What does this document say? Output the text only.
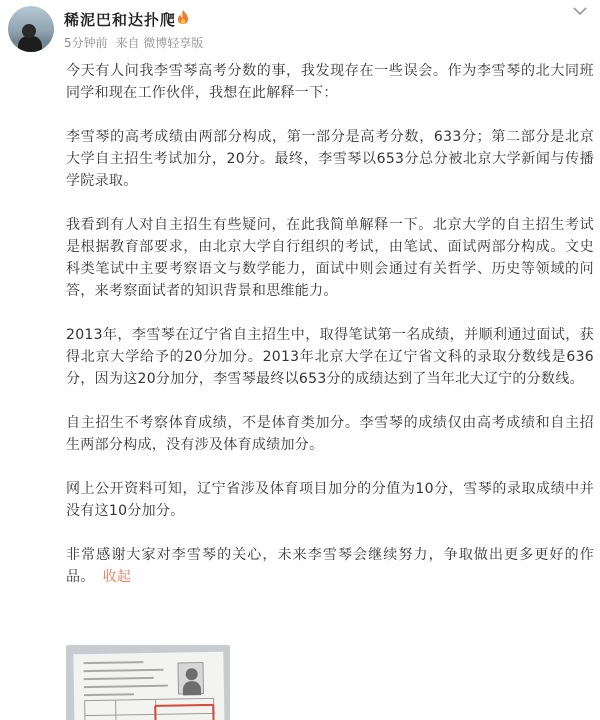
稀泥巴和达扑爬
5分钟前 来自 微博轻享版

今天有人问我李雪琴高考分数的事，我发现存在一些误会。作为李雪琴的北大同班同学和现在工作伙伴，我想在此解释一下：

李雪琴的高考成绩由两部分构成，第一部分是高考分数，633分；第二部分是北京大学自主招生考试加分，20分。最终，李雪琴以653分总分被北京大学新闻与传播学院录取。

我看到有人对自主招生有些疑问，在此我简单解释一下。北京大学的自主招生考试是根据教育部要求，由北京大学自行组织的考试，由笔试、面试两部分构成。文史科类笔试中主要考察语文与数学能力，面试中则会通过有关哲学、历史等领域的问答，来考察面试者的知识背景和思维能力。

2013年，李雪琴在辽宁省自主招生中，取得笔试第一名成绩，并顺利通过面试，获得北京大学给予的20分加分。2013年北京大学在辽宁省文科的录取分数线是636分，因为这20分加分，李雪琴最终以653分的成绩达到了当年北大辽宁的分数线。

自主招生不考察体育成绩，不是体育类加分。李雪琴的成绩仅由高考成绩和自主招生两部分构成，没有涉及体育成绩加分。

网上公开资料可知，辽宁省涉及体育项目加分的分值为10分，雪琴的录取成绩中并没有这10分加分。

非常感谢大家对李雪琴的关心，未来李雪琴会继续努力，争取做出更多更好的作品。 收起
